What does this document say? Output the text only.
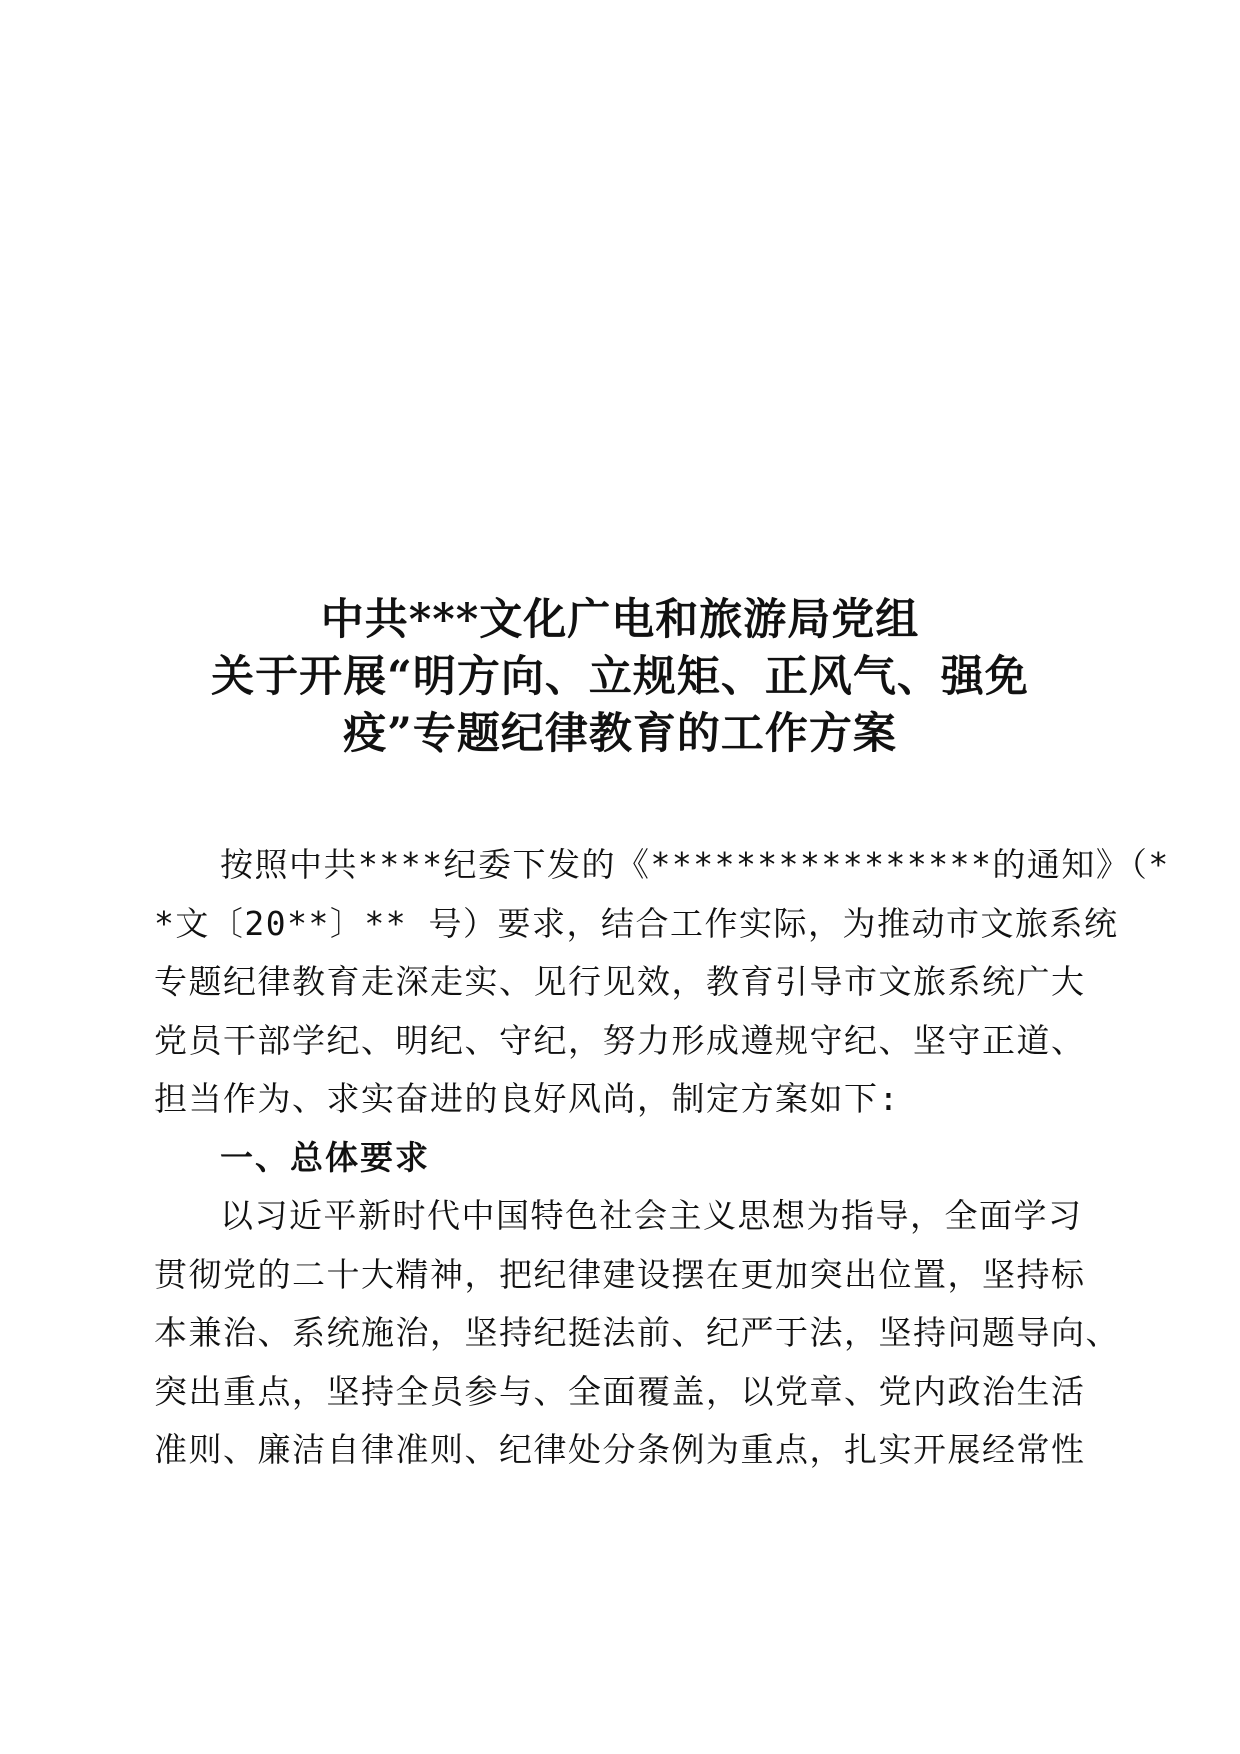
中共***文化广电和旅游局党组
关于开展“明方向、立规矩、正风气、强免
疫”专题纪律教育的工作方案
按照中共****纪委下发的《****************的通知》（*
*文〔20**〕** 号）要求，结合工作实际，为推动市文旅系统
专题纪律教育走深走实、见行见效，教育引导市文旅系统广大
党员干部学纪、明纪、守纪，努力形成遵规守纪、坚守正道、
担当作为、求实奋进的良好风尚，制定方案如下:
一、总体要求
以习近平新时代中国特色社会主义思想为指导，全面学习
贯彻党的二十大精神，把纪律建设摆在更加突出位置，坚持标
本兼治、系统施治，坚持纪挺法前、纪严于法，坚持问题导向、
突出重点，坚持全员参与、全面覆盖，以党章、党内政治生活
准则、廉洁自律准则、纪律处分条例为重点，扎实开展经常性
